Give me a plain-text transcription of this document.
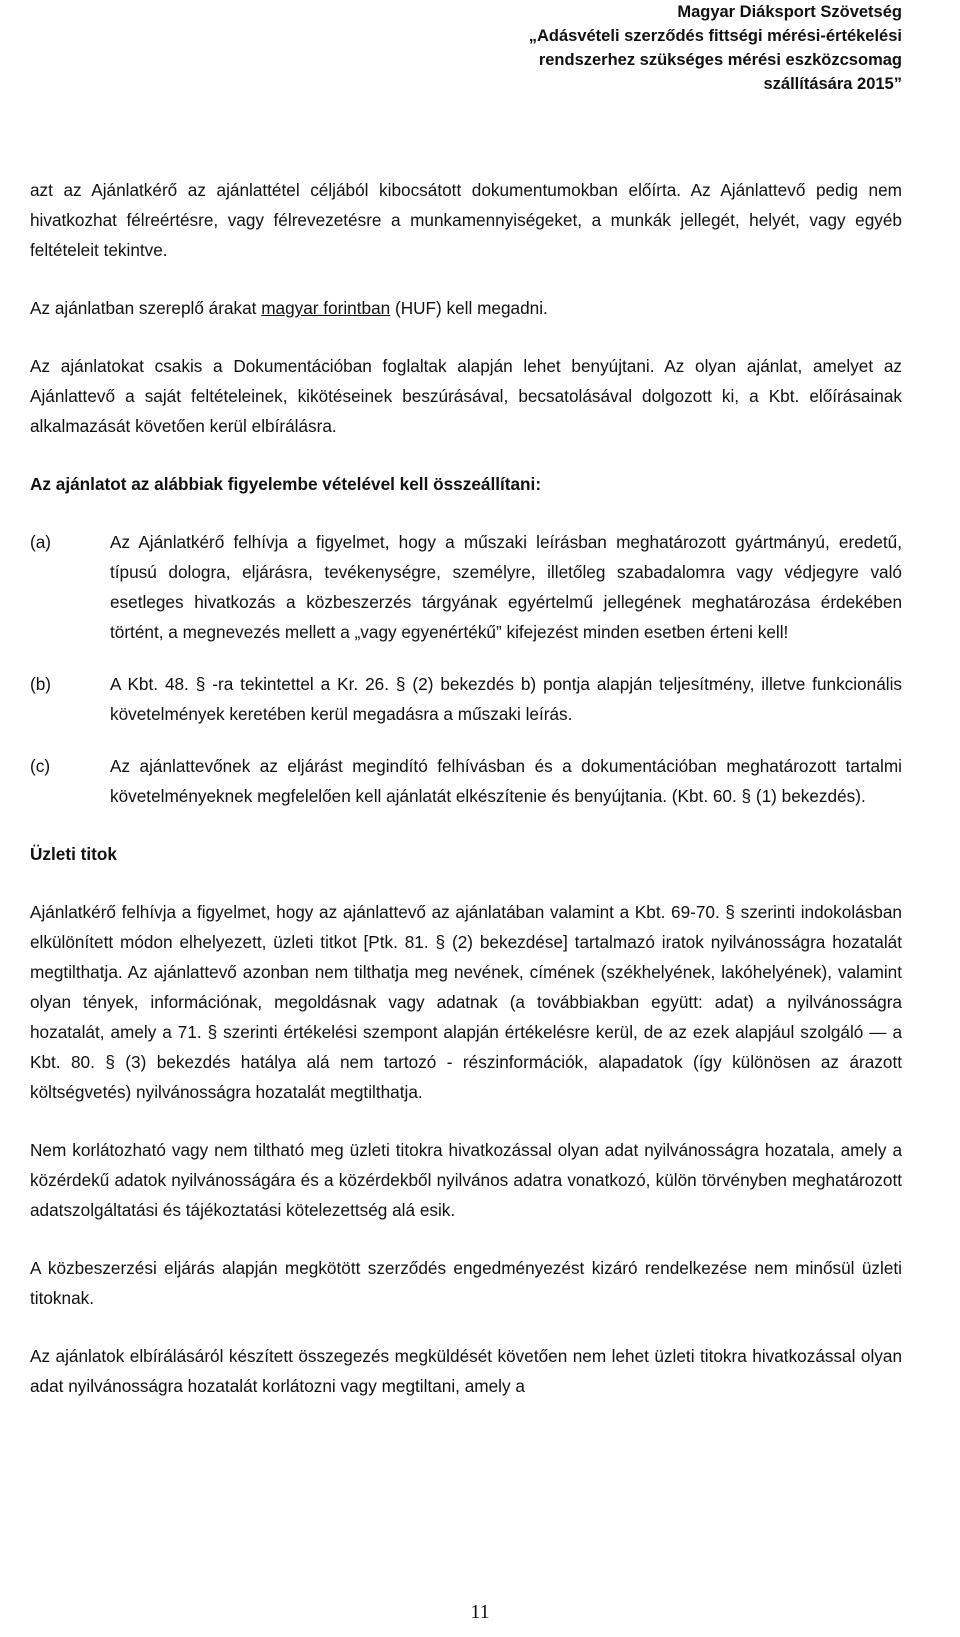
Magyar Diáksport Szövetség
„Adásvételi szerződés fittségi mérési-értékelési
rendszerhez szükséges mérési eszközcsomag
szállítására 2015”

azt az Ajánlatkérő az ajánlattétel céljából kibocsátott dokumentumokban előírta. Az Ajánlattevő pedig nem hivatkozhat félreértésre, vagy félrevezetésre a munkamennyiségeket, a munkák jellegét, helyét, vagy egyéb feltételeit tekintve.

Az ajánlatban szereplő árakat magyar forintban (HUF) kell megadni.

Az ajánlatokat csakis a Dokumentációban foglaltak alapján lehet benyújtani. Az olyan ajánlat, amelyet az Ajánlattevő a saját feltételeinek, kikötéseinek beszúrásával, becsatolásával dolgozott ki, a Kbt. előírásainak alkalmazását követően kerül elbírálásra.

Az ajánlatot az alábbiak figyelembe vételével kell összeállítani:

(a)	Az Ajánlatkérő felhívja a figyelmet, hogy a műszaki leírásban meghatározott gyártmányú, eredetű, típusú dologra, eljárásra, tevékenységre, személyre, illetőleg szabadalomra vagy védjegyre való esetleges hivatkozás a közbeszerzés tárgyának egyértelmű jellegének meghatározása érdekében történt, a megnevezés mellett a „vagy egyenértékű” kifejezést minden esetben érteni kell!
(b)	A Kbt. 48. § -ra tekintettel a Kr. 26. § (2) bekezdés b) pontja alapján teljesítmény, illetve funkcionális követelmények keretében kerül megadásra a műszaki leírás.
(c)	Az ajánlattevőnek az eljárást megindító felhívásban és a dokumentációban meghatározott tartalmi követelményeknek megfelelően kell ajánlatát elkészítenie és benyújtania. (Kbt. 60. § (1) bekezdés).

Üzleti titok

Ajánlatkérő felhívja a figyelmet, hogy az ajánlattevő az ajánlatában valamint a Kbt. 69-70. § szerinti indokolásban elkülönített módon elhelyezett, üzleti titkot [Ptk. 81. § (2) bekezdése] tartalmazó iratok nyilvánosságra hozatalát megtilthatja. Az ajánlattevő azonban nem tilthatja meg nevének, címének (székhelyének, lakóhelyének), valamint olyan tények, információnak, megoldásnak vagy adatnak (a továbbiakban együtt: adat) a nyilvánosságra hozatalát, amely a 71. § szerinti értékelési szempont alapján értékelésre kerül, de az ezek alapjául szolgáló — a Kbt. 80. § (3) bekezdés hatálya alá nem tartozó - részinformációk, alapadatok (így különösen az árazott költségvetés) nyilvánosságra hozatalát megtilthatja.

Nem korlátozható vagy nem tiltható meg üzleti titokra hivatkozással olyan adat nyilvánosságra hozatala, amely a közérdekű adatok nyilvánosságára és a közérdekből nyilvános adatra vonatkozó, külön törvényben meghatározott adatszolgáltatási és tájékoztatási kötelezettség alá esik.

A közbeszerzési eljárás alapján megkötött szerződés engedményezést kizáró rendelkezése nem minősül üzleti titoknak.

Az ajánlatok elbírálásáról készített összegezés megküldését követően nem lehet üzleti titokra hivatkozással olyan adat nyilvánosságra hozatalát korlátozni vagy megtiltani, amely a

11
